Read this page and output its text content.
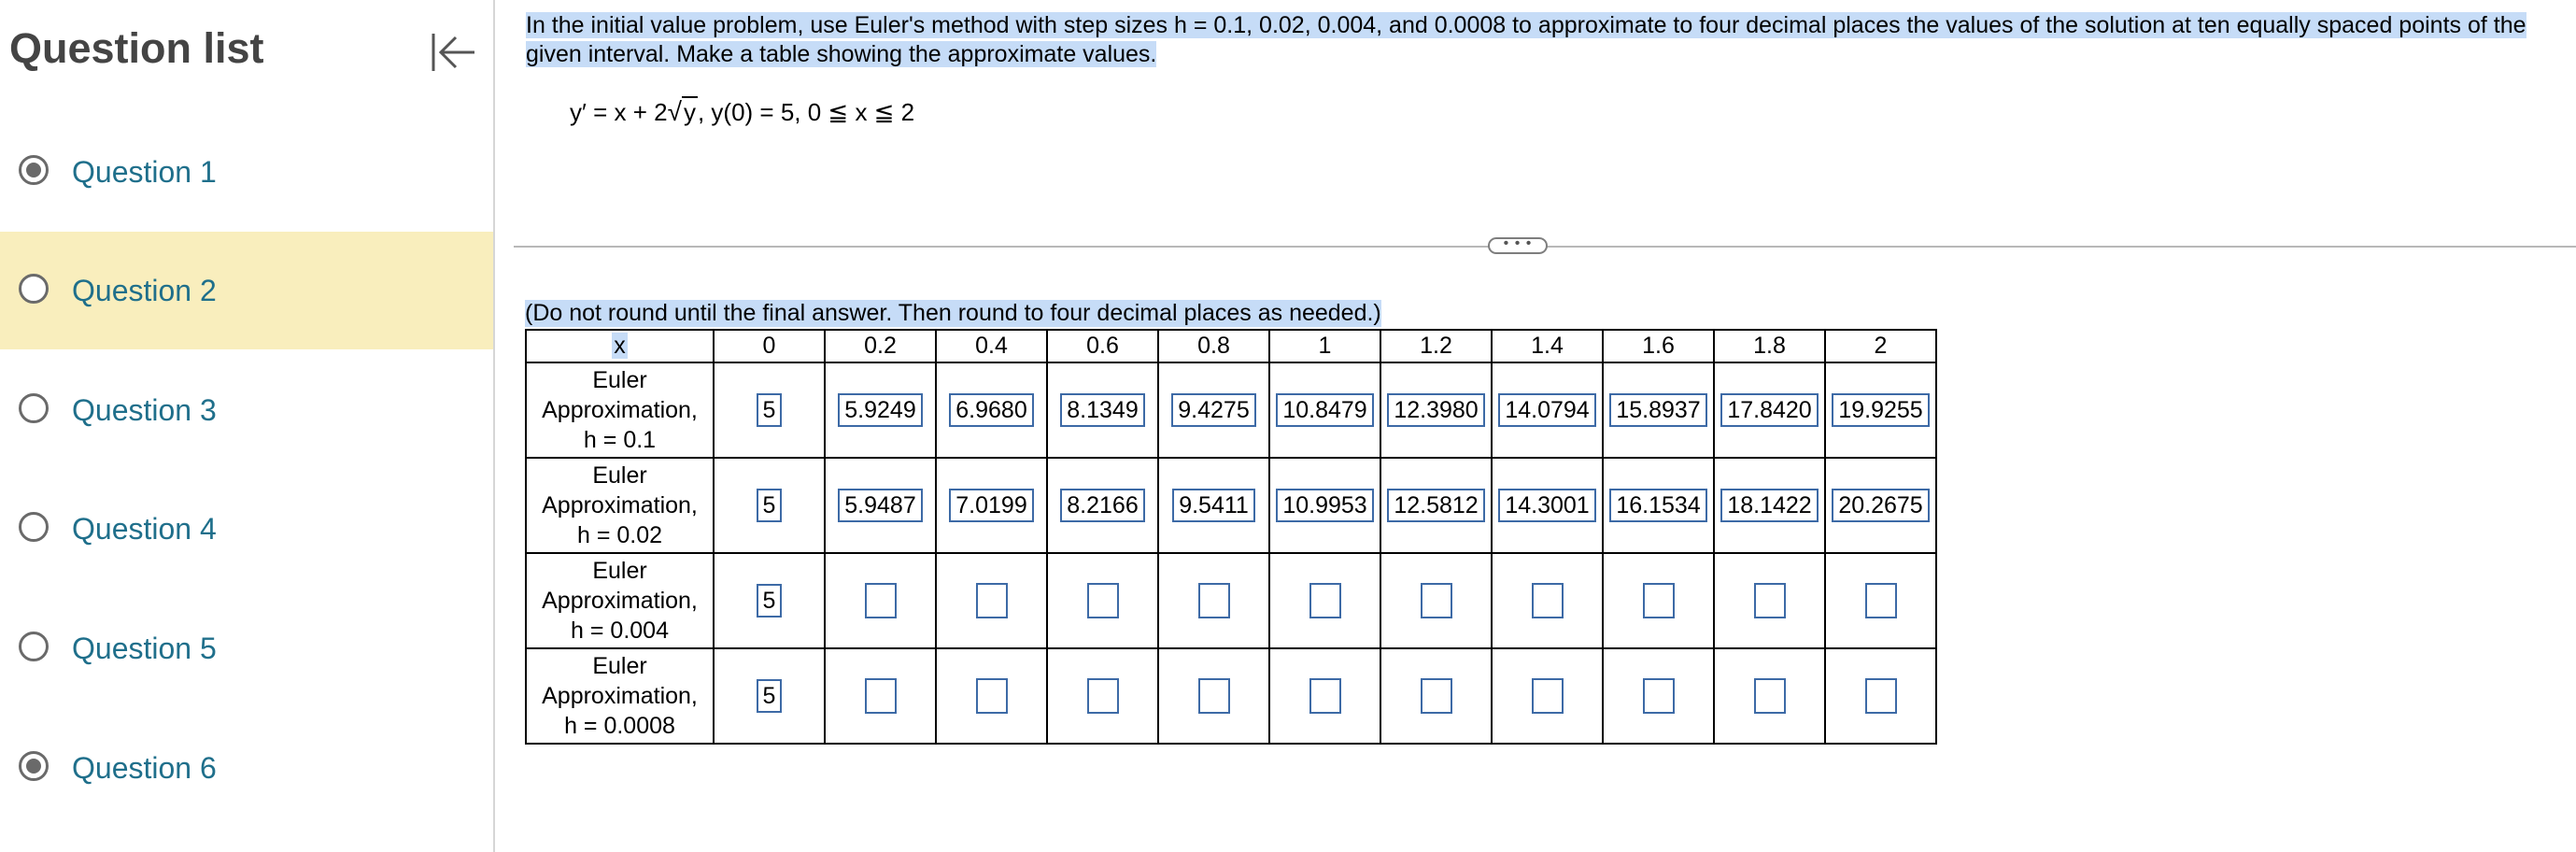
Question list
Question 1
Question 2
Question 3
Question 4
Question 5
Question 6
In the initial value problem, use Euler's method with step sizes h = 0.1, 0.02, 0.004, and 0.0008 to approximate to four decimal places the values of the solution at ten equally spaced points of the given interval. Make a table showing the approximate values.
y′ = x + 2√y, y(0) = 5, 0 ≦ x ≦ 2
• • •
(Do not round until the final answer. Then round to four decimal places as needed.)
x	0	0.2	0.4	0.6	0.8	1	1.2	1.4	1.6	1.8	2

Euler
Approximation,
h = 0.1	5	5.9249	6.9680	8.1349	9.4275	10.8479	12.3980	14.0794	15.8937	17.8420	19.9255

Euler
Approximation,
h = 0.02	5	5.9487	7.0199	8.2166	9.5411	10.9953	12.5812	14.3001	16.1534	18.1422	20.2675

Euler
Approximation,
h = 0.004	5										

Euler
Approximation,
h = 0.0008	5										
